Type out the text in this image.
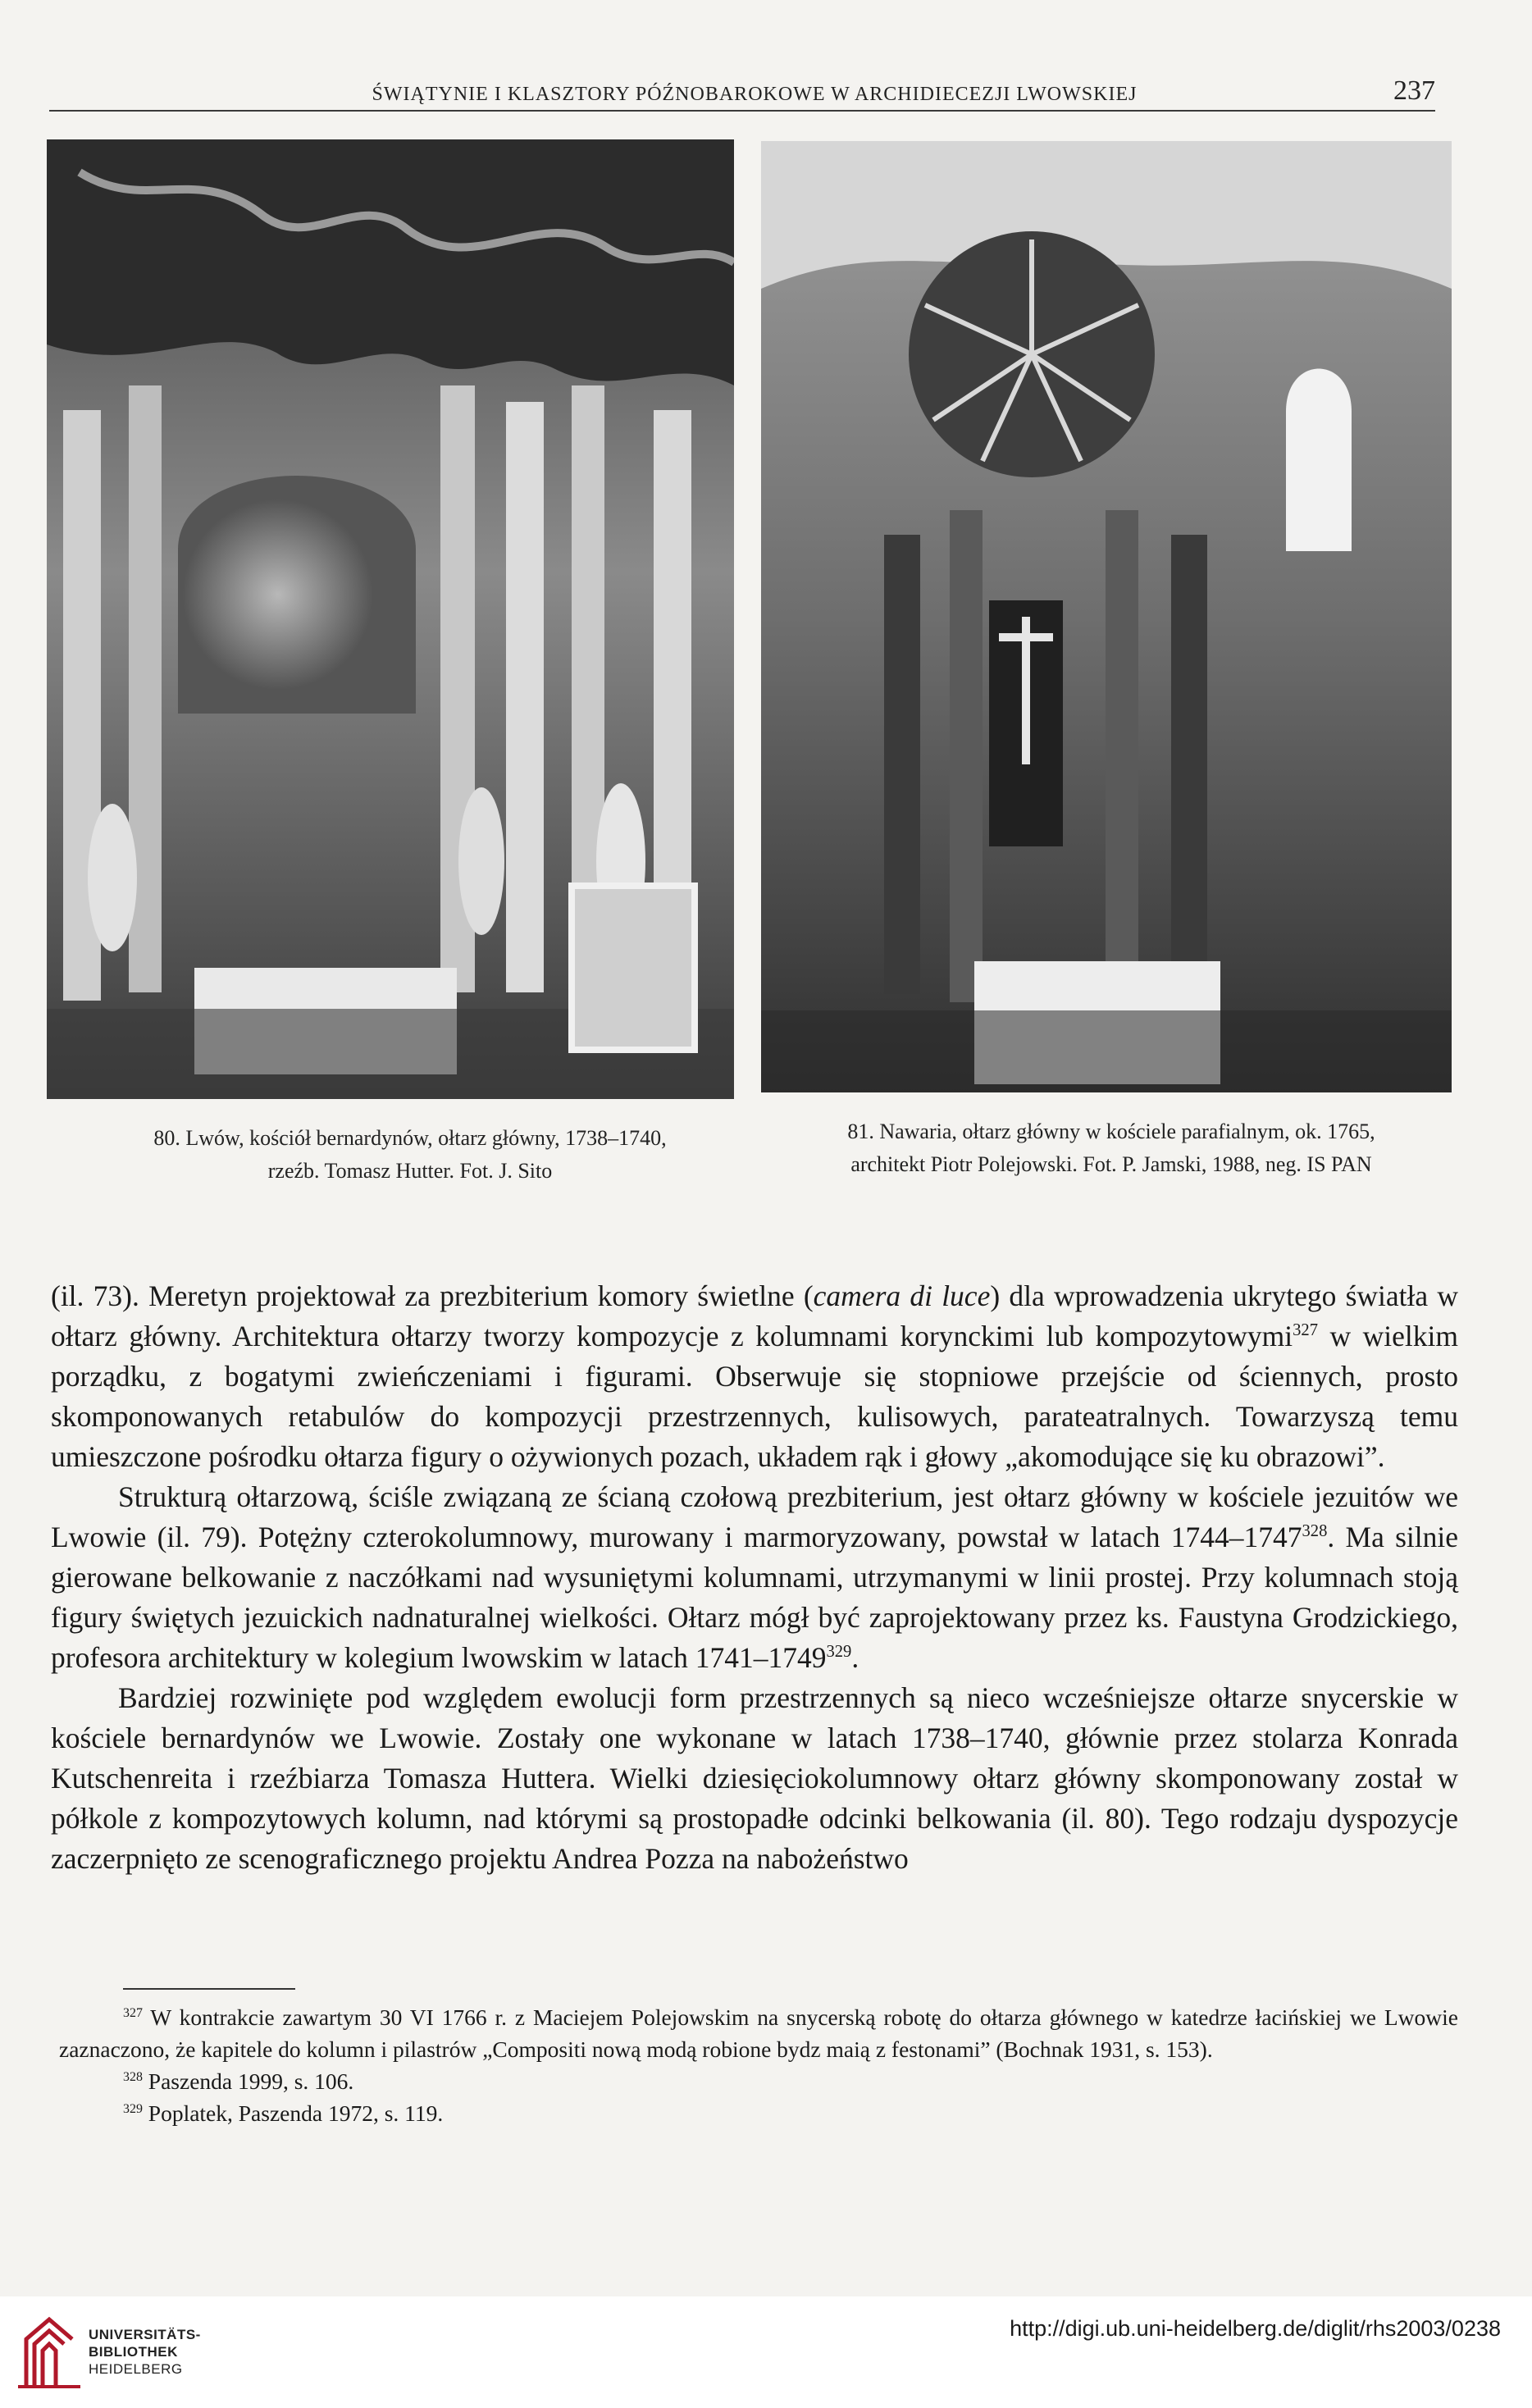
ŚWIĄTYNIE I KLASZTORY PÓŹNOBAROKOWE W ARCHIDIECEZJI LWOWSKIEJ	237
80. Lwów, kościół bernardynów, ołtarz główny, 1738–1740,
rzeźb. Tomasz Hutter. Fot. J. Sito
81. Nawaria, ołtarz główny w kościele parafialnym, ok. 1765,
architekt Piotr Polejowski. Fot. P. Jamski, 1988, neg. IS PAN

(il. 73). Meretyn projektował za prezbiterium komory świetlne (camera di luce) dla wprowadzenia ukrytego światła w ołtarz główny. Architektura ołtarzy tworzy kompozycje z kolumnami korynckimi lub kompozytowymi$^{327}$ w wielkim porządku, z bogatymi zwieńczeniami i figurami. Obserwuje się stopniowe przejście od ściennych, prosto skomponowanych retabulów do kompozycji przestrzennych, kulisowych, parateatralnych. Towarzyszą temu umieszczone pośrodku ołtarza figury o ożywionych pozach, układem rąk i głowy „akomodujące się ku obrazowi”.

Strukturą ołtarzową, ściśle związaną ze ścianą czołową prezbiterium, jest ołtarz główny w kościele jezuitów we Lwowie (il. 79). Potężny czterokolumnowy, murowany i marmoryzowany, powstał w latach 1744–1747$^{328}$. Ma silnie gierowane belkowanie z naczółkami nad wysuniętymi kolumnami, utrzymanymi w linii prostej. Przy kolumnach stoją figury świętych jezuickich nadnaturalnej wielkości. Ołtarz mógł być zaprojektowany przez ks. Faustyna Grodzickiego, profesora architektury w kolegium lwowskim w latach 1741–1749$^{329}$.

Bardziej rozwinięte pod względem ewolucji form przestrzennych są nieco wcześniejsze ołtarze snycerskie w kościele bernardynów we Lwowie. Zostały one wykonane w latach 1738–1740, głównie przez stolarza Konrada Kutschenreita i rzeźbiarza Tomasza Huttera. Wielki dziesięciokolumnowy ołtarz główny skomponowany został w półkole z kompozytowych kolumn, nad którymi są prostopadłe odcinki belkowania (il. 80). Tego rodzaju dyspozycje zaczerpnięto ze scenograficznego projektu Andrea Pozza na nabożeństwo

$^{327}$ W kontrakcie zawartym 30 VI 1766 r. z Maciejem Polejowskim na snycerską robotę do ołtarza głównego w katedrze łacińskiej we Lwowie zaznaczono, że kapitele do kolumn i pilastrów „Compositi nową modą robione bydz maią z festonami” (Bochnak 1931, s. 153).

$^{328}$ Paszenda 1999, s. 106.

$^{329}$ Poplatek, Paszenda 1972, s. 119.

UNIVERSITÄTS-
BIBLIOTHEK
HEIDELBERG
http://digi.ub.uni-heidelberg.de/diglit/rhs2003/0238
